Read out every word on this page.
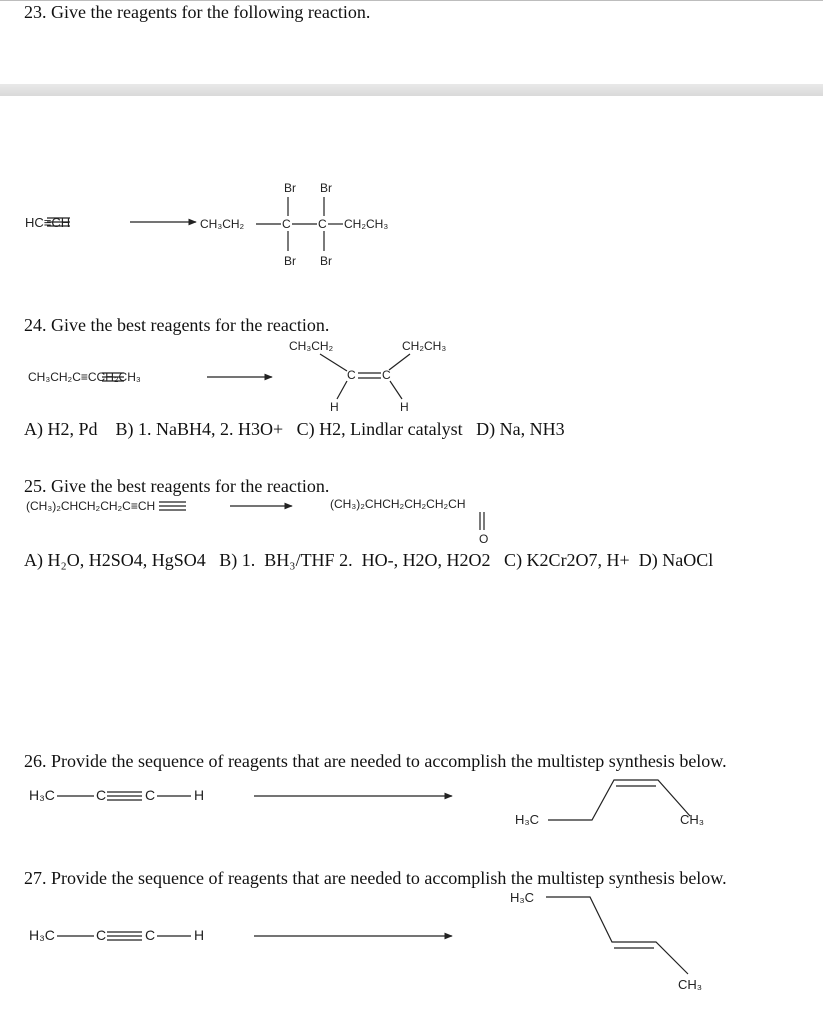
23. Give the reagents for the following reaction.
HC≡CH	CH₃CH₂	C C CH₂CH₃
Br Br
Br Br
24. Give the best reagents for the reaction.
CH₃CH₂C≡CCH₂CH₃
CH₃CH₂	CH₂CH₃
C C
H	H
A) H2, Pd    B) 1. NaBH4, 2. H3O+   C) H2, Lindlar catalyst   D) Na, NH3
25. Give the best reagents for the reaction.
(CH₃)₂CHCH₂CH₂C≡CH	(CH₃)₂CHCH₂CH₂CH₂CH
O
A) H₂O, H2SO4, HgSO4   B) 1.  BH₃/THF 2.  HO-, H2O, H2O2   C) K2Cr2O7, H+  D) NaOCl
26. Provide the sequence of reagents that are needed to accomplish the multistep synthesis below.
H₃C	C	C	H
H₃C	CH₃
27. Provide the sequence of reagents that are needed to accomplish the multistep synthesis below.
H₃C
H₃C	C	C	H
CH₃
